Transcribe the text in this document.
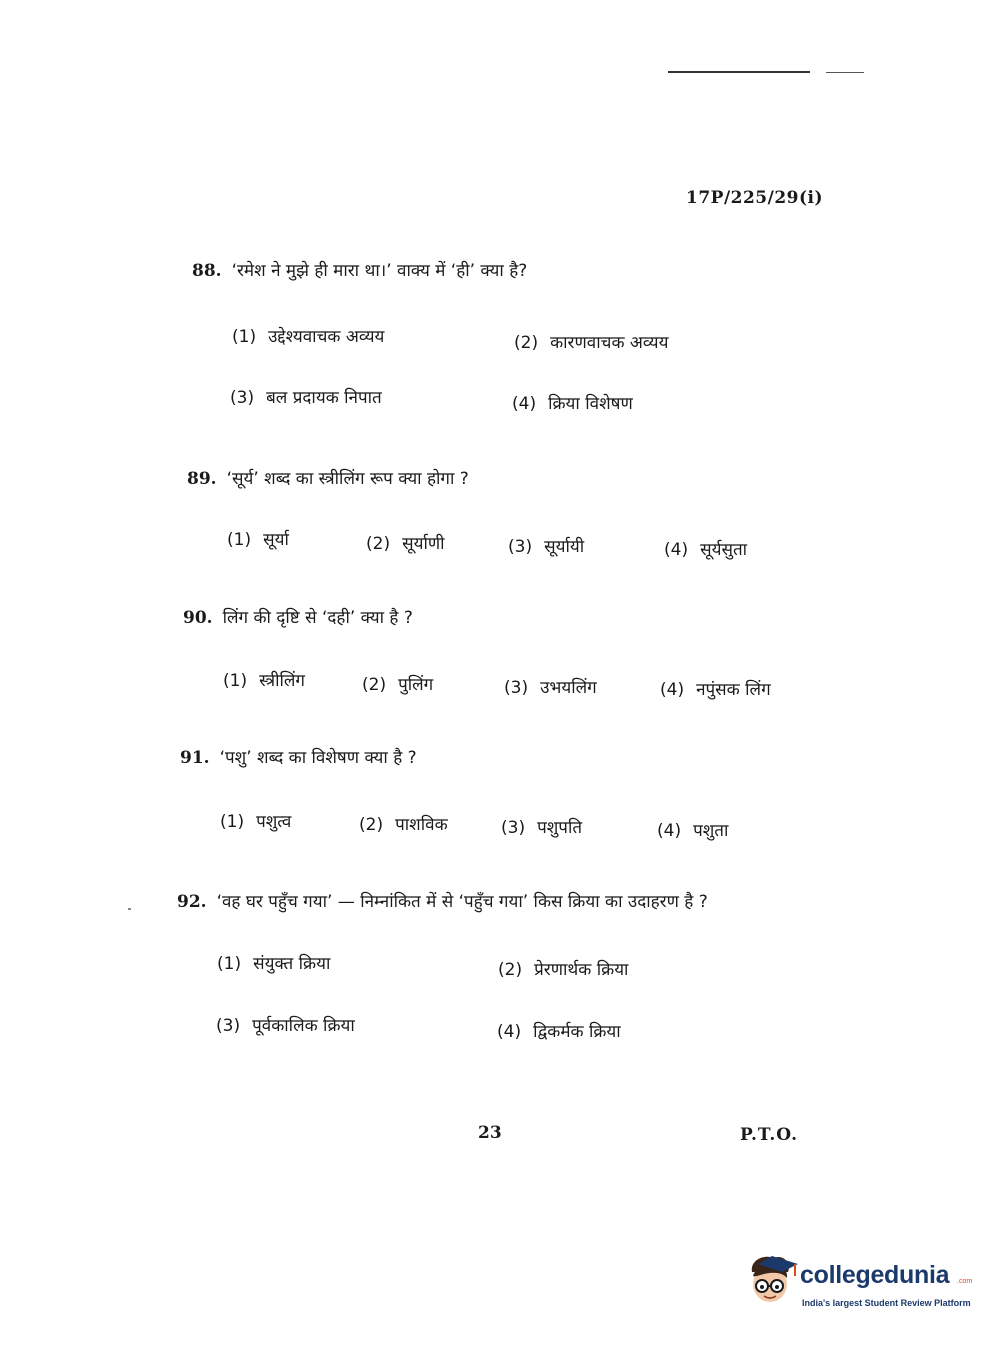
17P/225/29(i)
88. ‘रमेश ने मुझे ही मारा था।’ वाक्य में ‘ही’ क्या है?
(1) उद्देश्यवाचक अव्यय	(2) कारणवाचक अव्यय
(3) बल प्रदायक निपात	(4) क्रिया विशेषण
89. ‘सूर्य’ शब्द का स्त्रीलिंग रूप क्या होगा ?
(1) सूर्या	(2) सूर्याणी	(3) सूर्यायी	(4) सूर्यसुता
90. लिंग की दृष्टि से ‘दही’ क्या है ?
(1) स्त्रीलिंग	(2) पुलिंग	(3) उभयलिंग	(4) नपुंसक लिंग
91. ‘पशु’ शब्द का विशेषण क्या है ?
(1) पशुत्व	(2) पाशविक	(3) पशुपति	(4) पशुता
92. ‘वह घर पहुँच गया’ — निम्नांकित में से ‘पहुँच गया’ किस क्रिया का उदाहरण है ?
(1) संयुक्त क्रिया	(2) प्रेरणार्थक क्रिया
(3) पूर्वकालिक क्रिया	(4) द्विकर्मक क्रिया
23	P.T.O.
collegedunia .com
India's largest Student Review Platform
